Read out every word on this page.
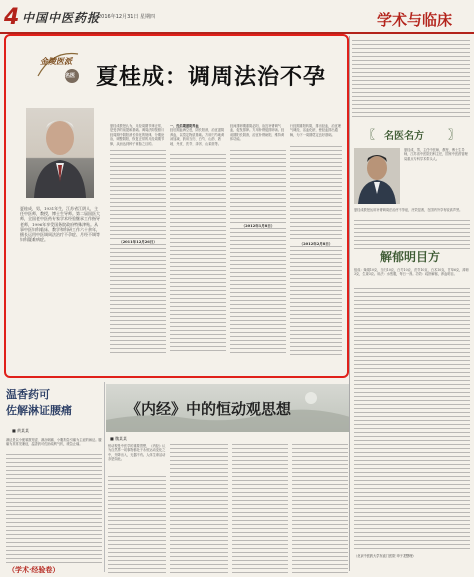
4 中国中医药报
2016年12月31日 星期四	学术与临床
金陵医派
名医 夏桂成：调周法治不孕
夏桂成，男，1931年生，江苏省江阴人，主任中医师，教授，博士生导师。第二届国医大师，全国老中医药专家学术经验继承工作指导老师，1996年享受国务院政府特殊津贴。从事中医妇科临床、教学和科研工作六十余年，擅长运用中医调周法治疗不孕症、月经不调等妇科疑难病症。
夏桂成教授认为，月经周期节律正常，是受孕的前提和基础。调周法即按照月经周期中阴阳消长转化的规律，分期论治，调整阴阳，恢复正常的月经周期节律，从而达到种子育胎之目的。
（2011年12月26日）
一、经后期滋阴养血
经后期血海空虚，阴长阳消，治宜滋阴养血，以奠定物质基础。方用归芍地黄汤加减，药用当归、白芍、山药、熟地、丹皮、茯苓、泽泻、山茱萸等。
经间排卵期重阴必阳，治宜补肾调气血，促发排卵。方用补肾促排卵汤。经前期阳长阴消，治宜补肾助阳，维持黄体功能。
（2012年1月8日）
行经期重阳转阴，排出经血，治宜理气调经，活血化瘀，使经血排出通畅，为下一周期奠定良好基础。
（2012年2月8日）
〖 名医名方 〗
夏桂成，男，主任中医师，教授，博士生导师，江苏省中医院妇科主任，国家中医药管理局重点专科学术带头人。
夏桂成教授运用补肾调周法治疗不孕症，疗效显著，在国内外享有较高声誉。
解郁明目方
组成：柴胡10克，当归10克，白芍10克，茯苓10克，白术10克，甘草6克，薄荷3克，生姜3克。用法：水煎服，每日一剂。功效：疏肝解郁，养血明目。
（北京中医药大学东直门医院 申子龙整理）
温香药可
佐解淋证腰痛
■ 黄某某
淋证是以小便频数短涩、淋沥刺痛、小腹拘急引痛为主症的病证。腰痛为其常见兼症，温香药可佐助疏利气机，缓急止痛。
（学术·经验卷）
《内经》中的恒动观思想
■ 魏某某
恒动观是中医学的重要思想，《内经》认为自然界一切事物都处于永恒运动变化之中，升降出入，无器不有。人体生命活动亦是如此。
